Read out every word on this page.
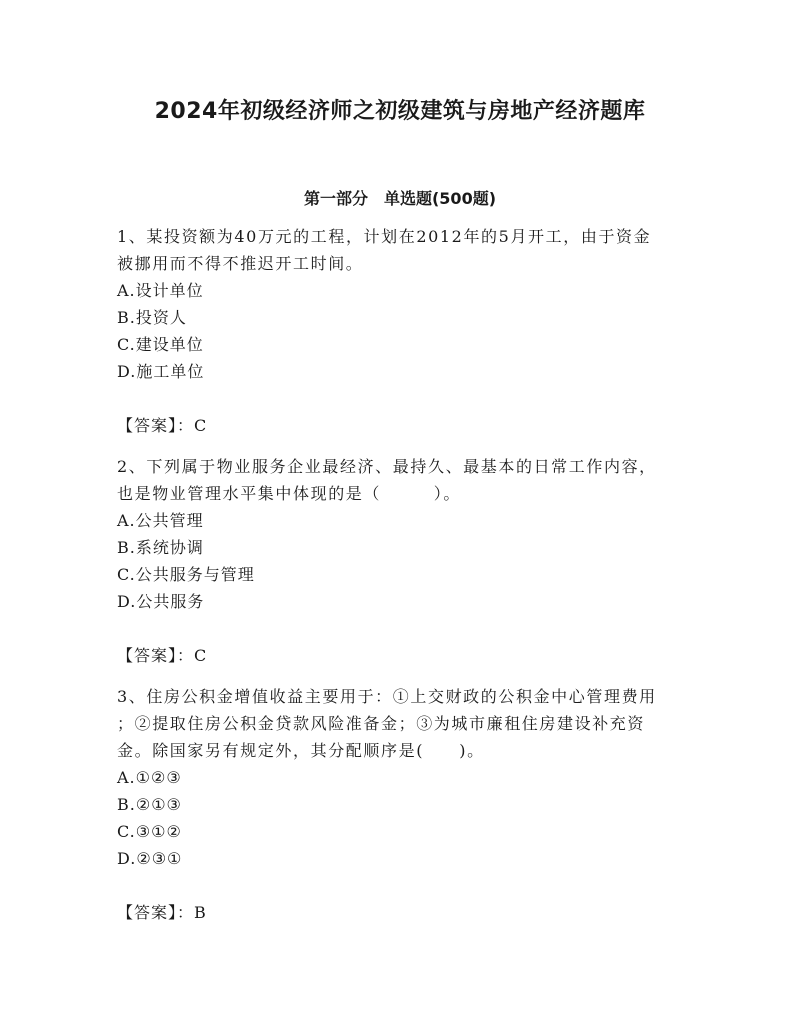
2024年初级经济师之初级建筑与房地产经济题库
第一部分　单选题(500题)
1、某投资额为40万元的工程，计划在2012年的5月开工，由于资金
被挪用而不得不推迟开工时间。
A.设计单位
B.投资人
C.建设单位
D.施工单位
【答案】：C
2、下列属于物业服务企业最经济、最持久、最基本的日常工作内容，
也是物业管理水平集中体现的是（　　　）。
A.公共管理
B.系统协调
C.公共服务与管理
D.公共服务
【答案】：C
3、住房公积金增值收益主要用于：①上交财政的公积金中心管理费用
；②提取住房公积金贷款风险准备金；③为城市廉租住房建设补充资
金。除国家另有规定外，其分配顺序是(　　)。
A.①②③
B.②①③
C.③①②
D.②③①
【答案】：B
